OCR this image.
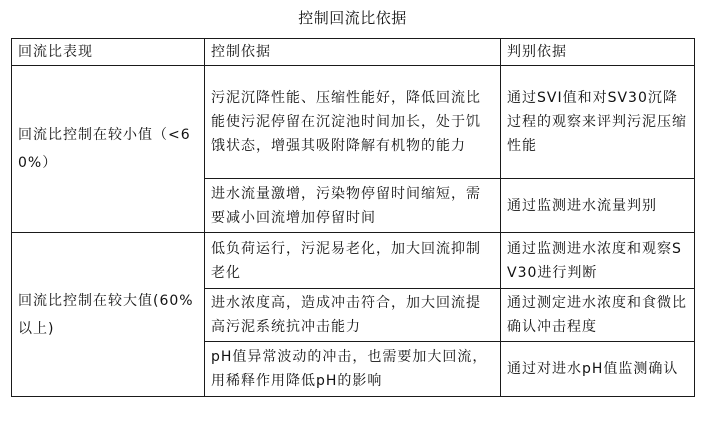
控制回流比依据
回流比表现	控制依据	判别依据
回流比控制在较小值（<60%）	污泥沉降性能、压缩性能好，降低回流比能使污泥停留在沉淀池时间加长，处于饥饿状态，增强其吸附降解有机物的能力	通过SVI值和对SV30沉降过程的观察来评判污泥压缩性能
	进水流量激增，污染物停留时间缩短，需要减小回流增加停留时间	通过监测进水流量判别
回流比控制在较大值(60%以上)	低负荷运行，污泥易老化，加大回流抑制老化	通过监测进水浓度和观察SV30进行判断
	进水浓度高，造成冲击符合，加大回流提高污泥系统抗冲击能力	通过测定进水浓度和食微比确认冲击程度
	pH值异常波动的冲击，也需要加大回流，用稀释作用降低pH的影响	通过对进水pH值监测确认
